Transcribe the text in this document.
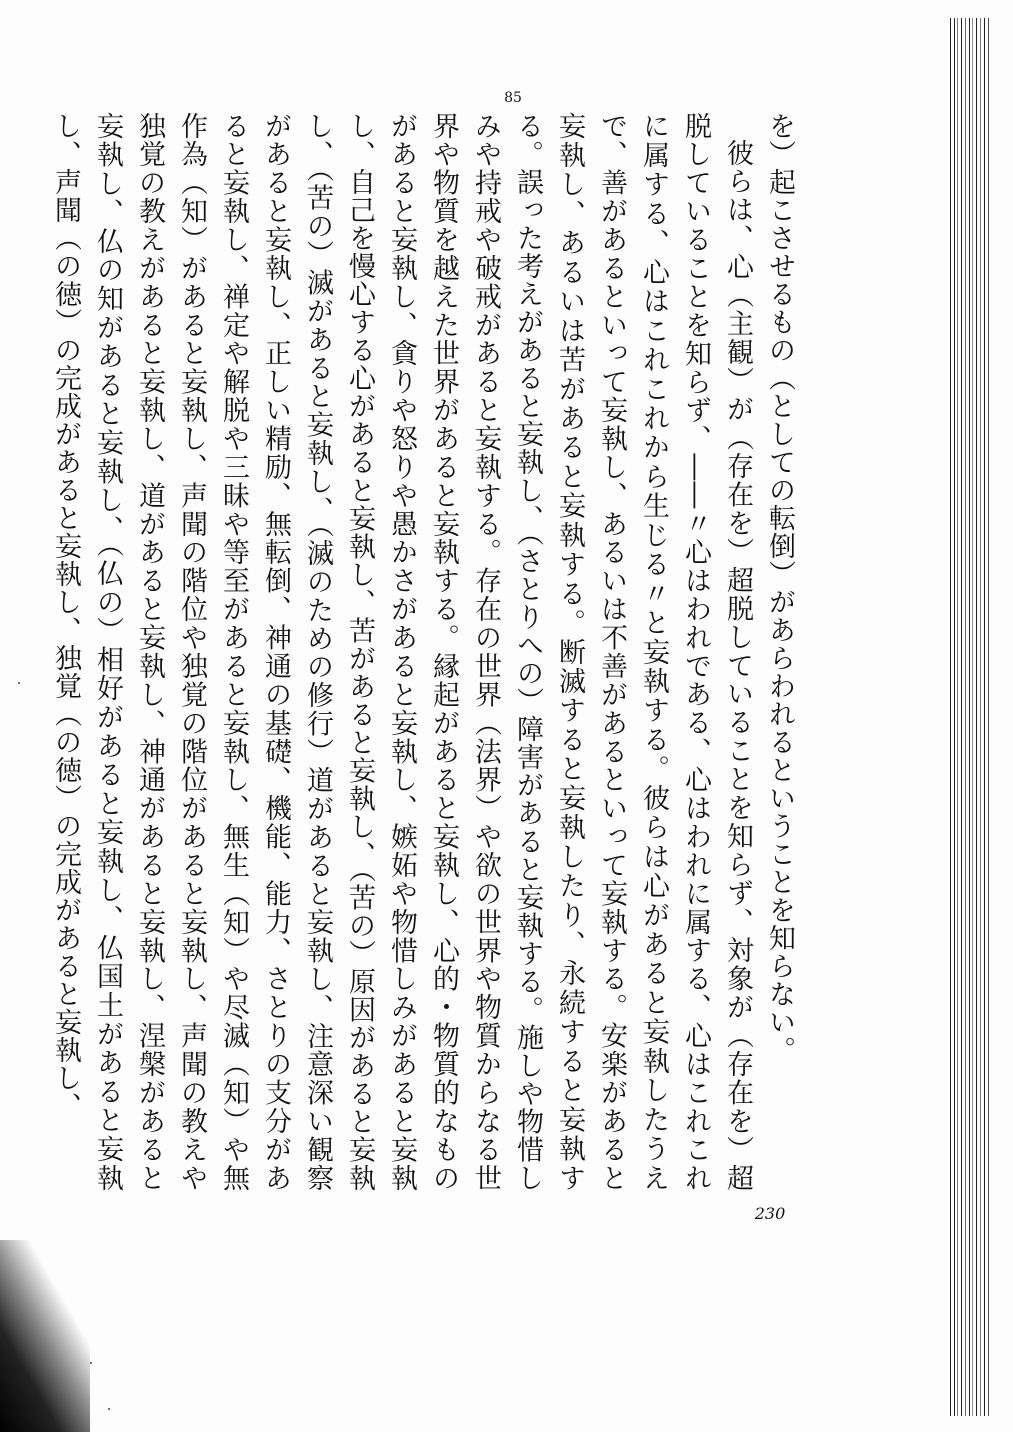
85

を）起こさせるもの（としての転倒）があらわれるということを知らない。

彼らは、心（主観）が（存在を）超脱していることを知らず、対象が（存在を）超脱していることを知らず、――〃心はわれである、心はわれに属する、心はこれこれに属する、心はこれこれから生じる〃と妄執する。彼らは心があると妄執したうえで、善があるといって妄執し、あるいは不善があるといって妄執する。安楽があると妄執し、あるいは苦があると妄執する。断滅すると妄執したり、永続すると妄執する。誤った考えがあると妄執し、（さとりへの）障害があると妄執する。施しや物惜しみや持戒や破戒があると妄執する。存在の世界（法界）や欲の世界や物質からなる世界や物質を越えた世界があると妄執する。縁起があると妄執し、心的・物質的なものがあると妄執し、貪りや怒りや愚かさがあると妄執し、嫉妬や物惜しみがあると妄執し、自己を慢心する心があると妄執し、苦があると妄執し、（苦の）原因があると妄執し、（苦の）滅があると妄執し、（滅のための修行）道があると妄執し、注意深い観察があると妄執し、正しい精励、無転倒、神通の基礎、機能、能力、さとりの支分があると妄執し、禅定や解脱や三昧や等至があると妄執し、無生（知）や尽滅（知）や無作為（知）があると妄執し、声聞の階位や独覚の階位があると妄執し、声聞の教えや独覚の教えがあると妄執し、道があると妄執し、神通があると妄執し、涅槃があると妄執し、仏の知があると妄執し、（仏の）相好があると妄執し、仏国土があると妄執し、声聞（の徳）の完成があると妄執し、独覚（の徳）の完成があると妄執し、

230
